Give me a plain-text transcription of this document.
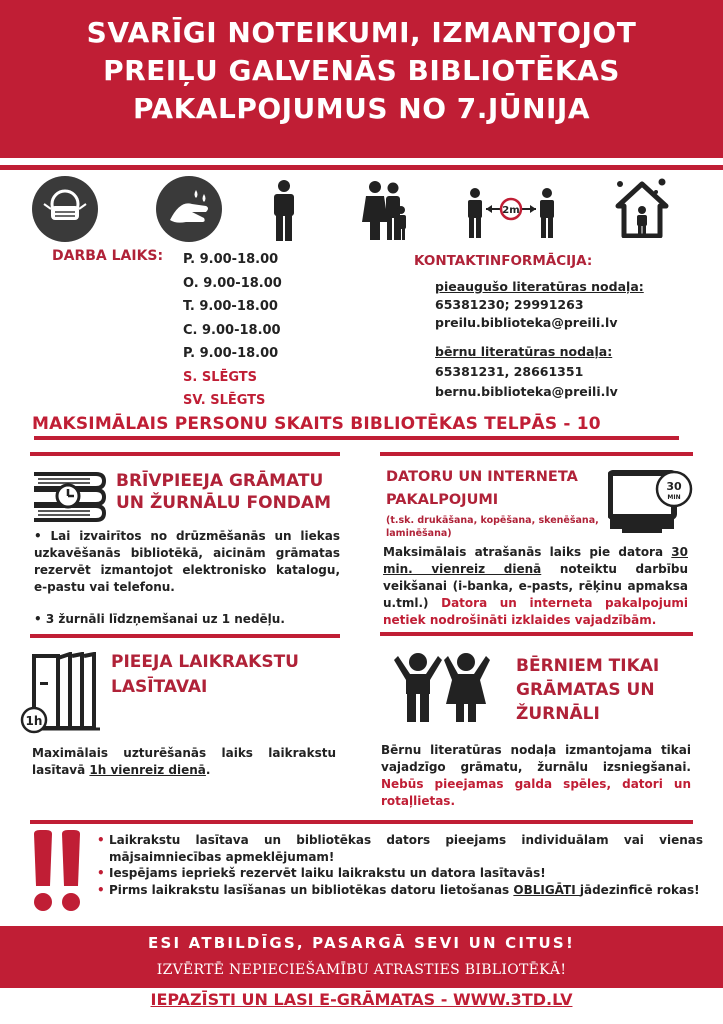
SVARĪGI NOTEIKUMI, IZMANTOJOT
PREIĻU GALVENĀS BIBLIOTĒKAS
PAKALPOJUMUS NO 7.JŪNIJA
2m
DARBA LAIKS: P. 9.00-18.00
O. 9.00-18.00
T. 9.00-18.00
C. 9.00-18.00
P. 9.00-18.00
S. SLĒGTS
SV. SLĒGTS
KONTAKTINFORMĀCIJA:
pieaugušo literatūras nodaļa:
65381230; 29991263
preilu.biblioteka@preili.lv
bērnu literatūras nodaļa:
65381231, 28661351
bernu.biblioteka@preili.lv
MAKSIMĀLAIS PERSONU SKAITS BIBLIOTĒKAS TELPĀS - 10
BRĪVPIEEJA GRĀMATU
UN ŽURNĀLU FONDAM
• Lai izvairītos no drūzmēšanās un liekas uzkavēšanās bibliotēkā, aicinām grāmatas rezervēt izmantojot elektronisko katalogu, e-pastu vai telefonu.
• 3 žurnāli līdzņemšanai uz 1 nedēļu.
DATORU UN INTERNETA
PAKALPOJUMI
(t.sk. drukāšana, kopēšana, skenēšana, laminēšana)
30
MIN
Maksimālais atrašanās laiks pie datora 30 min. vienreiz dienā noteiktu darbību veikšanai (i-banka, e-pasts, rēķinu apmaksa u.tml.) Datora un interneta pakalpojumi netiek nodrošināti izklaides vajadzībām.
1h
PIEEJA LAIKRAKSTU
LASĪTAVAI
Maximālais uzturēšanās laiks laikrakstu lasītavā 1h vienreiz dienā.
BĒRNIEM TIKAI
GRĀMATAS UN
ŽURNĀLI
Bērnu literatūras nodaļa izmantojama tikai vajadzīgo grāmatu, žurnālu izsniegšanai. Nebūs pieejamas galda spēles, datori un rotaļlietas.
• Laikrakstu lasītava un bibliotēkas dators pieejams individuālam vai vienas mājsaimniecības apmeklējumam!
• Iespējams iepriekš rezervēt laiku laikrakstu un datora lasītavās!
• Pirms laikrakstu lasīšanas un bibliotēkas datoru lietošanas OBLIGĀTI jādezinficē rokas!
ESI ATBILDĪGS, PASARGĀ SEVI UN CITUS!
IZVĒRTĒ NEPIECIEŠAMĪBU ATRASTIES BIBLIOTĒKĀ!
IEPAZĪSTI UN LASI E-GRĀMATAS - WWW.3TD.LV
